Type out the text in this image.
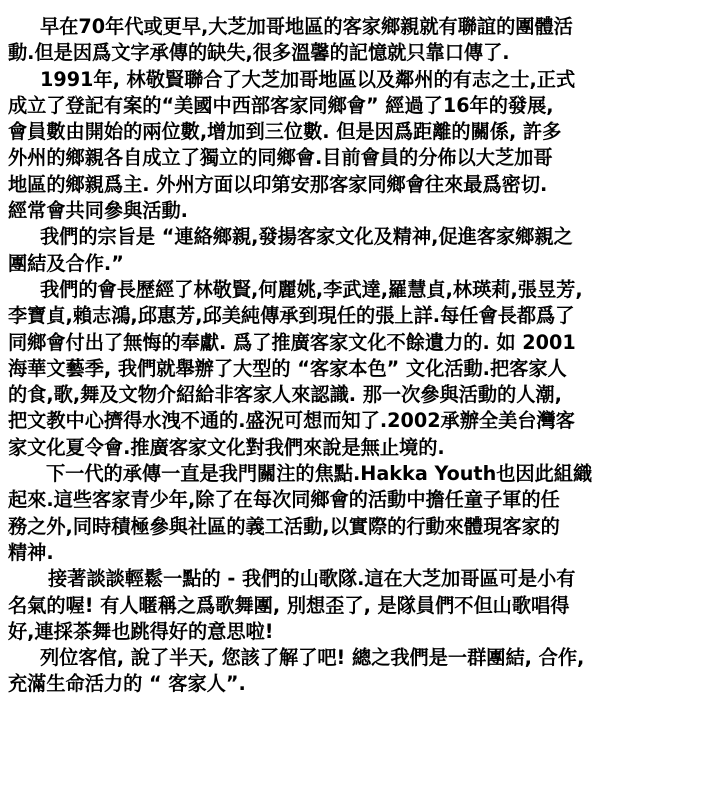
早在70年代或更早,大芝加哥地區的客家鄉親就有聯誼的團體活
動.但是因爲文字承傳的缺失,很多溫馨的記憶就只靠口傳了.
1991年, 林敬賢聯合了大芝加哥地區以及鄰州的有志之士,正式
成立了登記有案的“美國中西部客家同鄉會” 經過了16年的發展,
會員數由開始的兩位數,增加到三位數. 但是因爲距離的關係, 許多
外州的鄉親各自成立了獨立的同鄉會.目前會員的分佈以大芝加哥
地區的鄉親爲主. 外州方面以印第安那客家同鄉會往來最爲密切.
經常會共同參與活動.
我們的宗旨是 “連絡鄉親,發揚客家文化及精神,促進客家鄉親之
團結及合作.”
我們的會長歷經了林敬賢,何麗姚,李武達,羅慧貞,林瑛莉,張昱芳,
李寶貞,賴志鴻,邱惠芳,邱美純傳承到現任的張上詳.每任會長都爲了
同鄉會付出了無悔的奉獻. 爲了推廣客家文化不餘遺力的. 如 2001
海華文藝季, 我們就舉辦了大型的 “客家本色” 文化活動.把客家人
的食,歌,舞及文物介紹給非客家人來認識. 那一次參與活動的人潮,
把文教中心擠得水洩不通的.盛況可想而知了.2002承辦全美台灣客
家文化夏令會.推廣客家文化對我們來說是無止境的.
下一代的承傳一直是我門關注的焦點.Hakka Youth也因此組織
起來.這些客家青少年,除了在每次同鄉會的活動中擔任童子軍的任
務之外,同時積極參與社區的義工活動,以實際的行動來體現客家的
精神.
接著談談輕鬆一點的 - 我們的山歌隊.這在大芝加哥區可是小有
名氣的喔! 有人暱稱之爲歌舞團, 別想歪了, 是隊員們不但山歌唱得
好,連採茶舞也跳得好的意思啦!
列位客倌, 說了半天, 您該了解了吧! 總之我們是一群團結, 合作,
充滿生命活力的 “ 客家人”.
